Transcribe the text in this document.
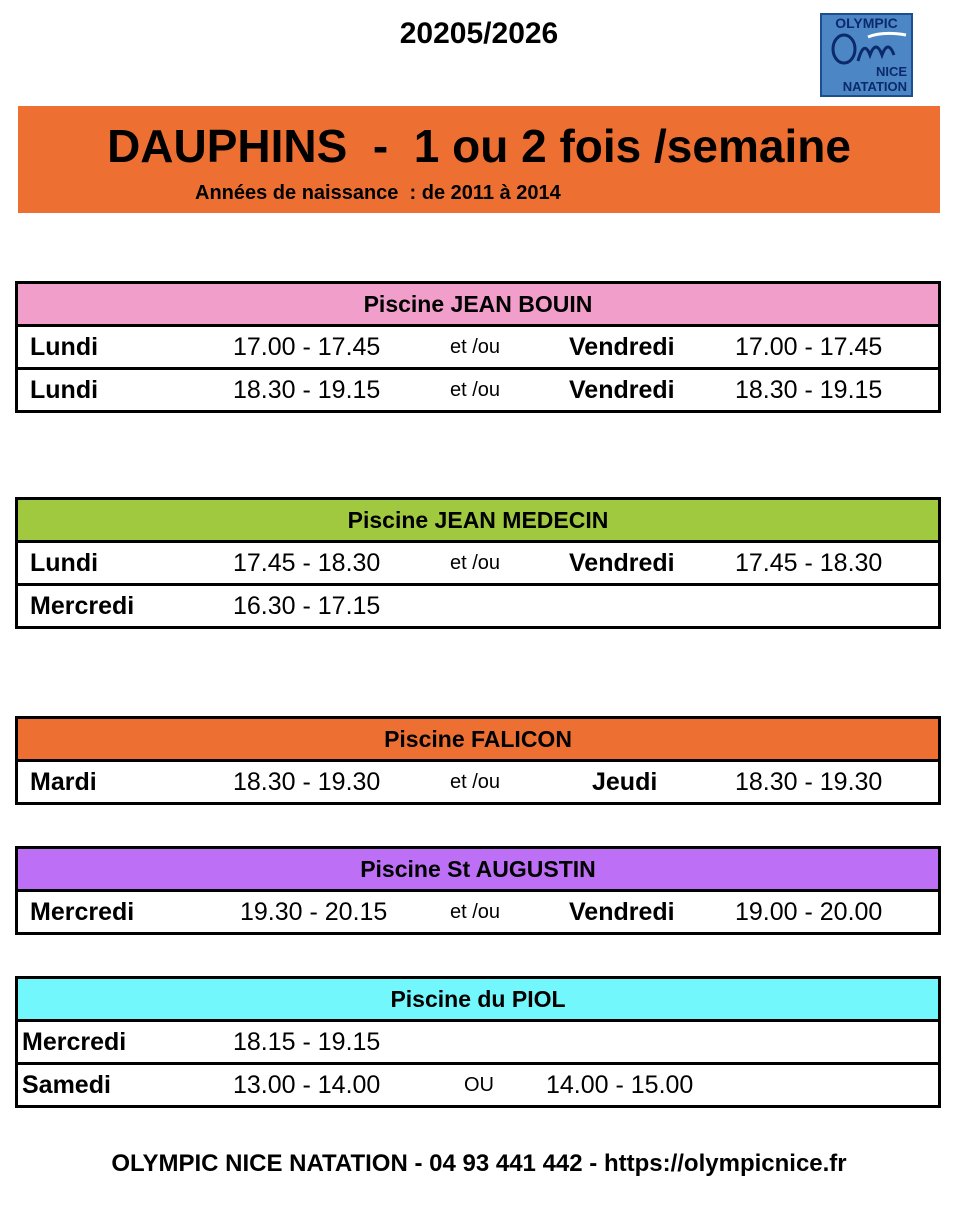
20205/2026	OLYMPIC
NICE
NATATION
DAUPHINS  -  1 ou 2 fois /semaine
Années de naissance  : de 2011 à 2014
Piscine JEAN BOUIN
Lundi	17.00 - 17.45	et /ou	Vendredi 17.00 - 17.45
Lundi	18.30 - 19.15	et /ou	Vendredi 18.30 - 19.15
Piscine JEAN MEDECIN
Lundi	17.45 - 18.30	et /ou	Vendredi 17.45 - 18.30
Mercredi	16.30 - 17.15
Piscine FALICON
Mardi	18.30 - 19.30	et /ou	Jeudi	18.30 - 19.30
Piscine St AUGUSTIN
Mercredi	19.30 - 20.15	et /ou	Vendredi 19.00 - 20.00
Piscine du PIOL
Mercredi	18.15 - 19.15
Samedi	13.00 - 14.00	OU 14.00 - 15.00
OLYMPIC NICE NATATION - 04 93 441 442 - https://olympicnice.fr
